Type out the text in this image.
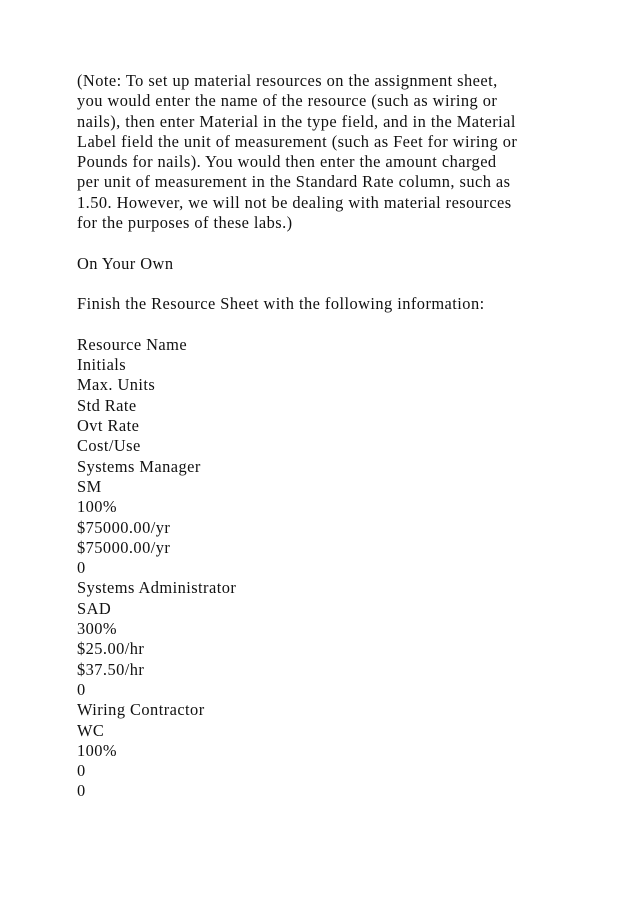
(Note: To set up material resources on the assignment sheet,

you would enter the name of the resource (such as wiring or

nails), then enter Material in the type field, and in the Material

Label field the unit of measurement (such as Feet for wiring or

Pounds for nails). You would then enter the amount charged

per unit of measurement in the Standard Rate column, such as

1.50. However, we will not be dealing with material resources

for the purposes of these labs.)

On Your Own

Finish the Resource Sheet with the following information:

Resource Name

Initials

Max. Units

Std Rate

Ovt Rate

Cost/Use

Systems Manager

SM

100%

$75000.00/yr

$75000.00/yr

0

Systems Administrator

SAD

300%

$25.00/hr

$37.50/hr

0

Wiring Contractor

WC

100%

0

0
